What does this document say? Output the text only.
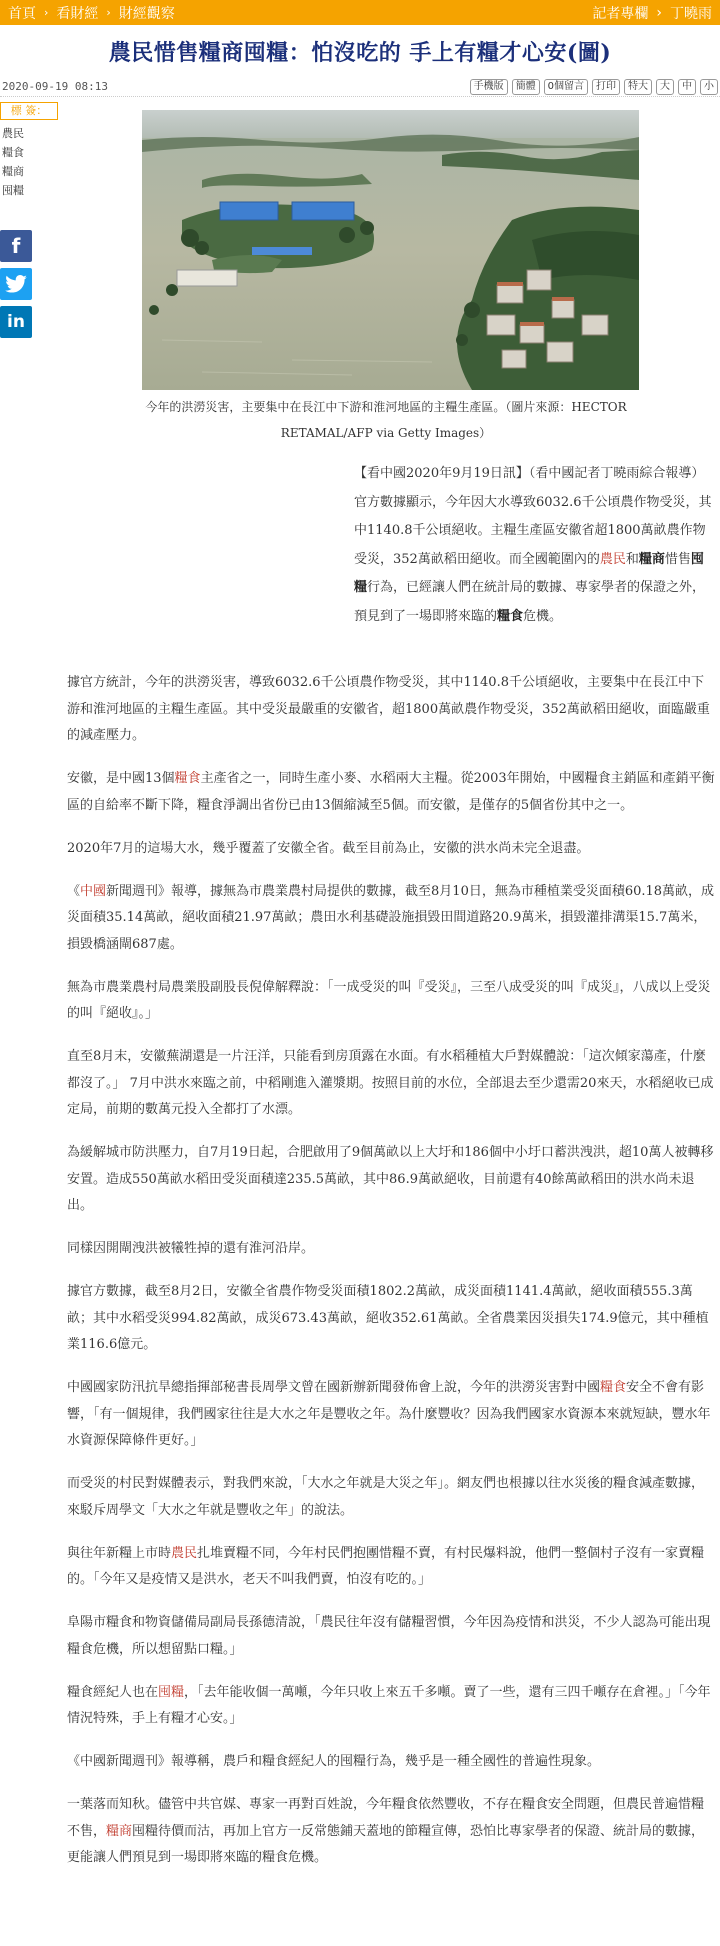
首頁 › 看財經 › 財經觀察	記者專欄 › 丁曉雨
農民惜售糧商囤糧：怕沒吃的 手上有糧才心安(圖)
2020-09-19 08:13	手機版	簡體	0個留言	打印	特大	大	中	小
標 簽：
農民
糧食
糧商
囤糧
f
in
今年的洪澇災害，主要集中在長江中下游和淮河地區的主糧生產區。（圖片來源：HECTOR
RETAMAL/AFP via Getty Images）
【看中國2020年9月19日訊】（看中國記者丁曉雨綜合報導）官方數據顯示，今年因大水導致6032.6千公頃農作物受災，其中1140.8千公頃絕收。主糧生產區安徽省超1800萬畝農作物受災，352萬畝稻田絕收。而全國範圍內的農民和糧商惜售囤糧行為，已經讓人們在統計局的數據、專家學者的保證之外，預見到了一場即將來臨的糧食危機。

據官方統計，今年的洪澇災害，導致6032.6千公頃農作物受災，其中1140.8千公頃絕收，主要集中在長江中下游和淮河地區的主糧生產區。其中受災最嚴重的安徽省，超1800萬畝農作物受災，352萬畝稻田絕收，面臨嚴重的減產壓力。

安徽，是中國13個糧食主產省之一，同時生產小麥、水稻兩大主糧。從2003年開始，中國糧食主銷區和產銷平衡區的自給率不斷下降，糧食淨調出省份已由13個縮減至5個。而安徽，是僅存的5個省份其中之一。

2020年7月的這場大水，幾乎覆蓋了安徽全省。截至目前為止，安徽的洪水尚未完全退盡。

《中國新聞週刊》報導，據無為市農業農村局提供的數據，截至8月10日，無為市種植業受災面積60.18萬畝，成災面積35.14萬畝，絕收面積21.97萬畝；農田水利基礎設施損毀田間道路20.9萬米，損毀灌排溝渠15.7萬米，損毀橋涵閘687處。

無為市農業農村局農業股副股長倪偉解釋說：「一成受災的叫『受災』，三至八成受災的叫『成災』，八成以上受災的叫『絕收』。」

直至8月末，安徽蕪湖還是一片汪洋，只能看到房頂露在水面。有水稻種植大戶對媒體說：「這次傾家蕩產，什麼都沒了。」 7月中洪水來臨之前，中稻剛進入灌漿期。按照目前的水位，全部退去至少還需20來天，水稻絕收已成定局，前期的數萬元投入全都打了水漂。

為緩解城市防洪壓力，自7月19日起，合肥啟用了9個萬畝以上大圩和186個中小圩口蓄洪洩洪，超10萬人被轉移安置。造成550萬畝水稻田受災面積達235.5萬畝，其中86.9萬畝絕收，目前還有40餘萬畝稻田的洪水尚未退出。

同樣因開閘洩洪被犧牲掉的還有淮河沿岸。

據官方數據，截至8月2日，安徽全省農作物受災面積1802.2萬畝，成災面積1141.4萬畝，絕收面積555.3萬畝；其中水稻受災994.82萬畝，成災673.43萬畝，絕收352.61萬畝。全省農業因災損失174.9億元，其中種植業116.6億元。

中國國家防汛抗旱總指揮部秘書長周學文曾在國新辦新聞發佈會上說，今年的洪澇災害對中國糧食安全不會有影響，「有一個規律，我們國家往往是大水之年是豐收之年。為什麼豐收？因為我們國家水資源本來就短缺，豐水年水資源保障條件更好。」

而受災的村民對媒體表示，對我們來說，「大水之年就是大災之年」。網友們也根據以往水災後的糧食減產數據，來駁斥周學文「大水之年就是豐收之年」的說法。

與往年新糧上市時農民扎堆賣糧不同，今年村民們抱團惜糧不賣，有村民爆料說，他們一整個村子沒有一家賣糧的。「今年又是疫情又是洪水，老天不叫我們賣，怕沒有吃的。」

阜陽市糧食和物資儲備局副局長孫德清說，「農民往年沒有儲糧習慣，今年因為疫情和洪災，不少人認為可能出現糧食危機，所以想留點口糧。」

糧食經紀人也在囤糧，「去年能收個一萬噸，今年只收上來五千多噸。賣了一些，還有三四千噸存在倉裡。」「今年情況特殊，手上有糧才心安。」

《中國新聞週刊》報導稱，農戶和糧食經紀人的囤糧行為，幾乎是一種全國性的普遍性現象。

一葉落而知秋。儘管中共官媒、專家一再對百姓說，今年糧食依然豐收，不存在糧食安全問題，但農民普遍惜糧不售，糧商囤糧待價而沽，再加上官方一反常態鋪天蓋地的節糧宣傳，恐怕比專家學者的保證、統計局的數據，更能讓人們預見到一場即將來臨的糧食危機。
